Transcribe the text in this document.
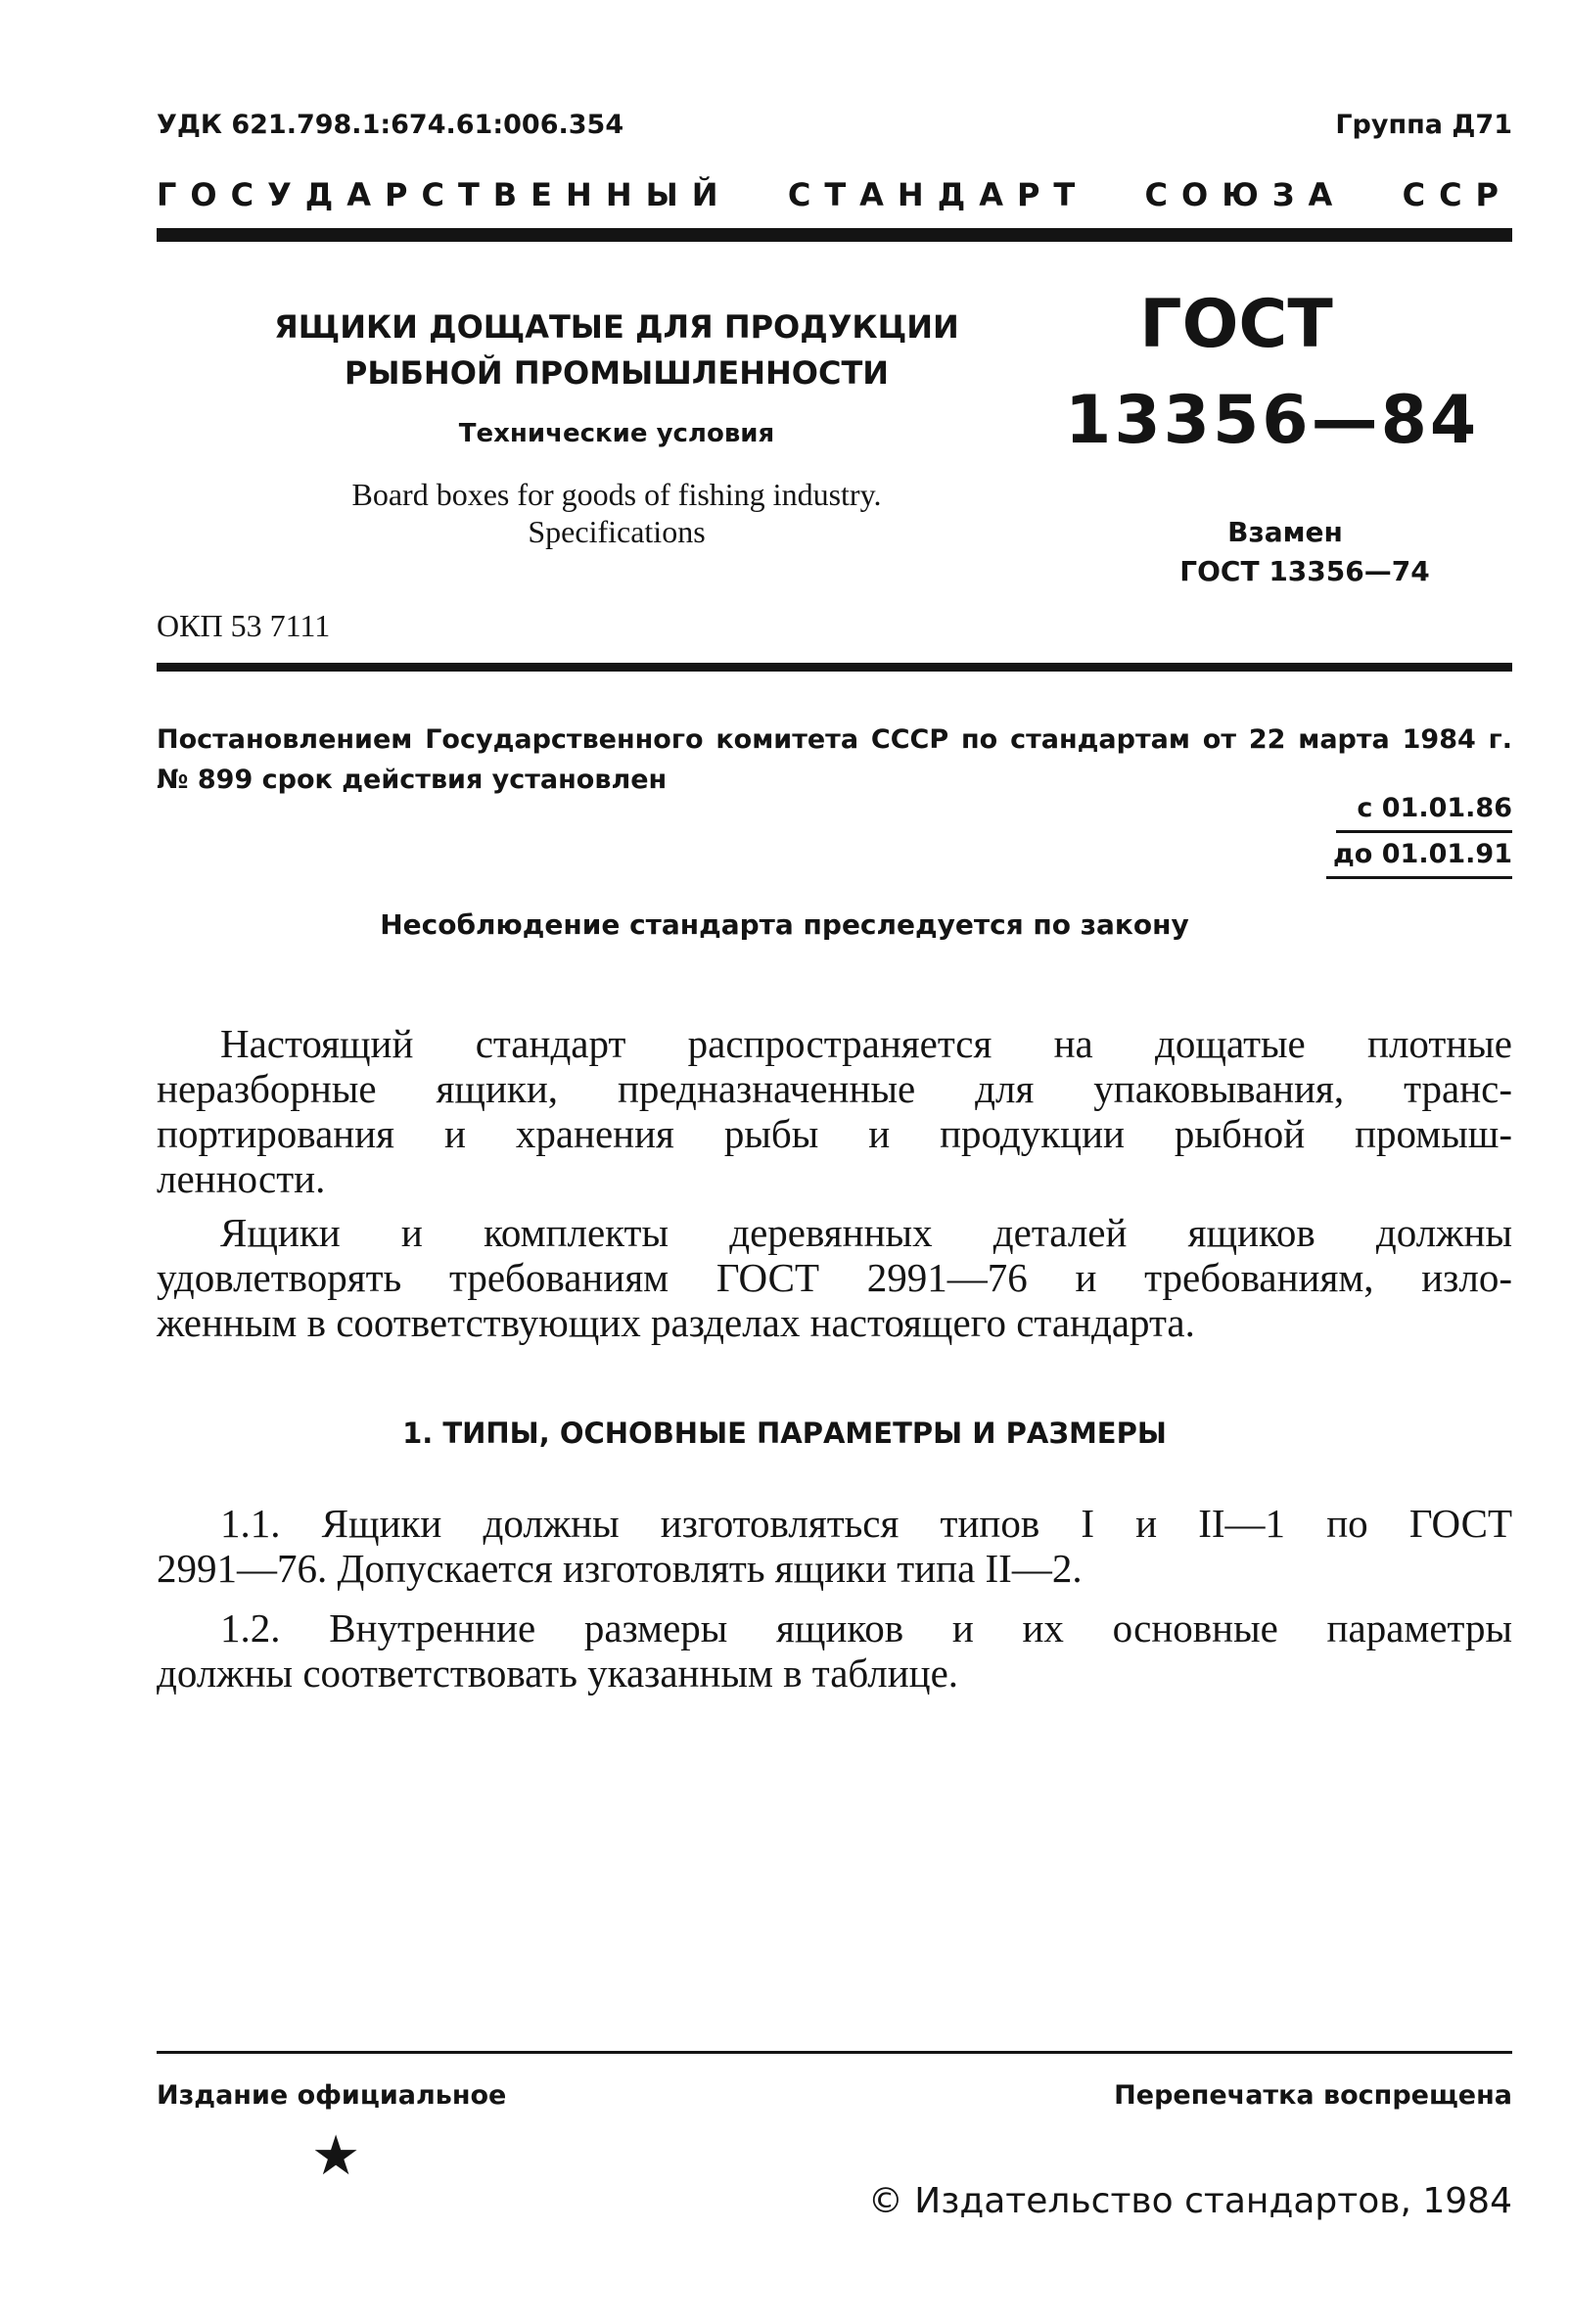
УДК 621.798.1:674.61:006.354	Группа Д71
ГОСУДАРСТВЕННЫЙ СТАНДАРТ СОЮЗА ССР
ЯЩИКИ ДОЩАТЫЕ ДЛЯ ПРОДУКЦИИ
РЫБНОЙ ПРОМЫШЛЕННОСТИ
Технические условия
Board boxes for goods of fishing industry.
Specifications
ГОСТ
13356—84
Взамен
ГОСТ 13356—74
ОКП 53 7111
Постановлением Государственного комитета СССР по стандартам от 22 марта 1984 г. № 899 срок действия установлен
с 01.01.86
до 01.01.91
Несоблюдение стандарта преследуется по закону
Настоящий стандарт распространяется на дощатые плотные
неразборные ящики, предназначенные для упаковывания, транс-
портирования и хранения рыбы и продукции рыбной промыш-
ленности.
Ящики и комплекты деревянных деталей ящиков должны
удовлетворять требованиям ГОСТ 2991—76 и требованиям, изло-
женным в соответствующих разделах настоящего стандарта.
1. ТИПЫ, ОСНОВНЫЕ ПАРАМЕТРЫ И РАЗМЕРЫ
1.1. Ящики должны изготовляться типов I и II—1 по ГОСТ
2991—76. Допускается изготовлять ящики типа II—2.
1.2. Внутренние размеры ящиков и их основные параметры
должны соответствовать указанным в таблице.
Издание официальное	Перепечатка воспрещена
★
© Издательство стандартов, 1984
